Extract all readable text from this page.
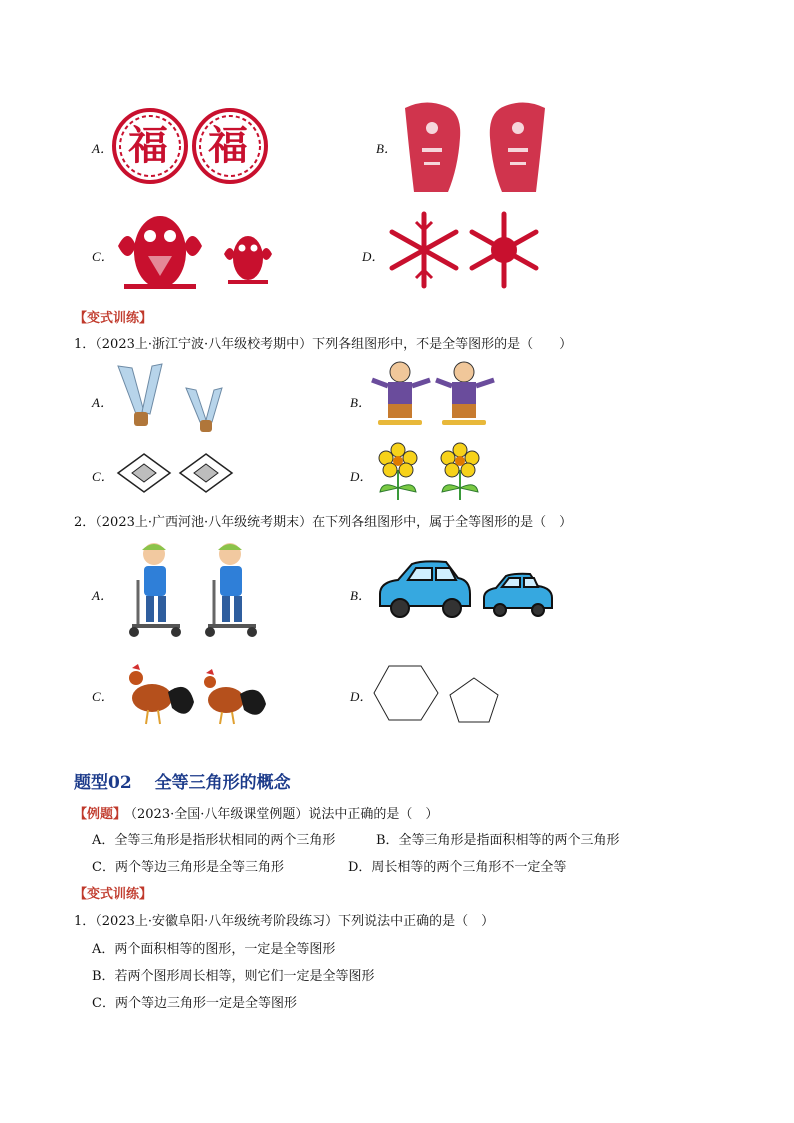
A． 福 福	B．
C．	D．
【变式训练】
1．（2023上·浙江宁波·八年级校考期中）下列各组图形中，不是全等图形的是（　　）
A．	B．
C．	D．
2．（2023上·广西河池·八年级统考期末）在下列各组图形中，属于全等图形的是（　）
A．	B．
C．	D．
题型02　 全等三角形的概念
【例题】
（2023·全国·八年级课堂例题）说法中正确的是（　）
A．全等三角形是指形状相同的两个三角形	B．全等三角形是指面积相等的两个三角形
C．两个等边三角形是全等三角形	D．周长相等的两个三角形不一定全等
【变式训练】
1．（2023上·安徽阜阳·八年级统考阶段练习）下列说法中正确的是（　）
A．两个面积相等的图形，一定是全等图形
B．若两个图形周长相等，则它们一定是全等图形
C．两个等边三角形一定是全等图形
